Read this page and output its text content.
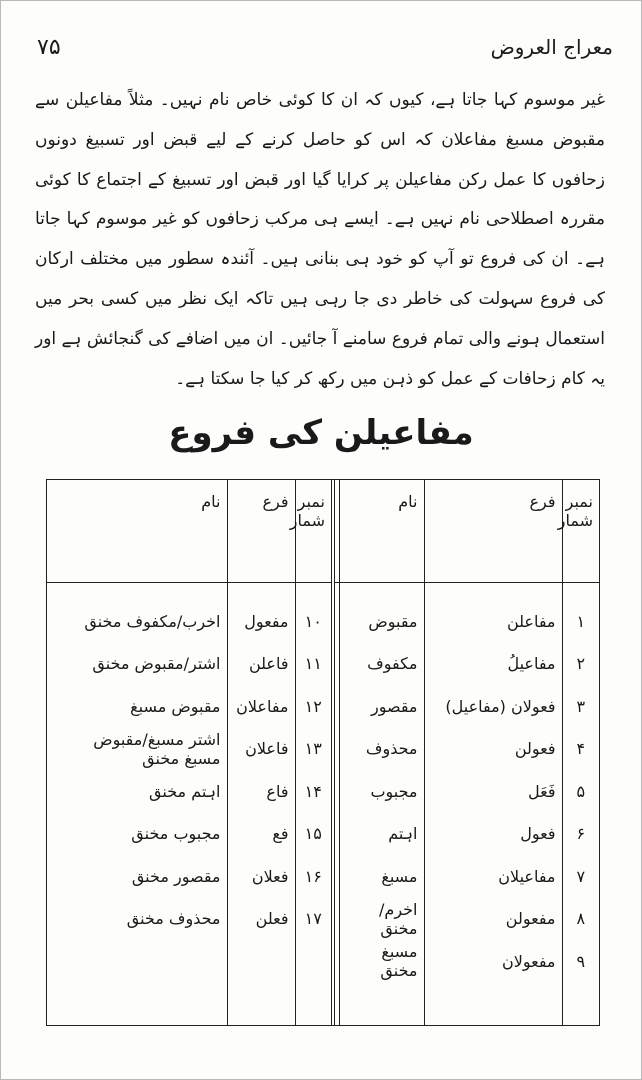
۷۵	معراج العروض

غیر موسوم کہا جاتا ہے، کیوں کہ ان کا کوئی خاص نام نہیں۔ مثلاً مفاعیلن سے مقبوض مسبغ مفاعلان کہ اس کو حاصل کرنے کے لیے قبض اور تسبیغ دونوں زحافوں کا عمل رکن مفاعیلن پر کرایا گیا اور قبض اور تسبیغ کے اجتماع کا کوئی مقررہ اصطلاحی نام نہیں ہے۔ ایسے ہی مرکب زحافوں کو غیر موسوم کہا جاتا ہے۔ ان کی فروع تو آپ کو خود ہی بنانی ہیں۔ آئندہ سطور میں مختلف ارکان کی فروع سہولت کی خاطر دی جا رہی ہیں تاکہ ایک نظر میں کسی بحر میں استعمال ہونے والی تمام فروع سامنے آ جائیں۔ ان میں اضافے کی گنجائش ہے اور یہ کام زحافات کے عمل کو ذہن میں رکھ کر کیا جا سکتا ہے۔

مفاعیلن کی فروع
نمبر شمار	فرع	نام		نمبر شمار	فرع	نام

۱	مفاعلن	مقبوض		۱۰	مفعول	اخرب/مکفوف مخنق
۲	مفاعیلُ	مکفوف		۱۱	فاعلن	اشتر/مقبوض مخنق
۳	فعولان (مفاعیل)	مقصور		۱۲	مفاعلان	مقبوض مسبغ
۴	فعولن	محذوف		۱۳	فاعلان	اشتر مسبغ/مقبوض مسبغ مخنق
۵	فَعَل	مجبوب		۱۴	فاع	اہتم مخنق
۶	فعول	اہتم		۱۵	فع	مجبوب مخنق
۷	مفاعیلان	مسبغ		۱۶	فعلان	مقصور مخنق
۸	مفعولن	اخرم/مخنق		۱۷	فعلن	محذوف مخنق
۹	مفعولان	مسبغ مخنق				
